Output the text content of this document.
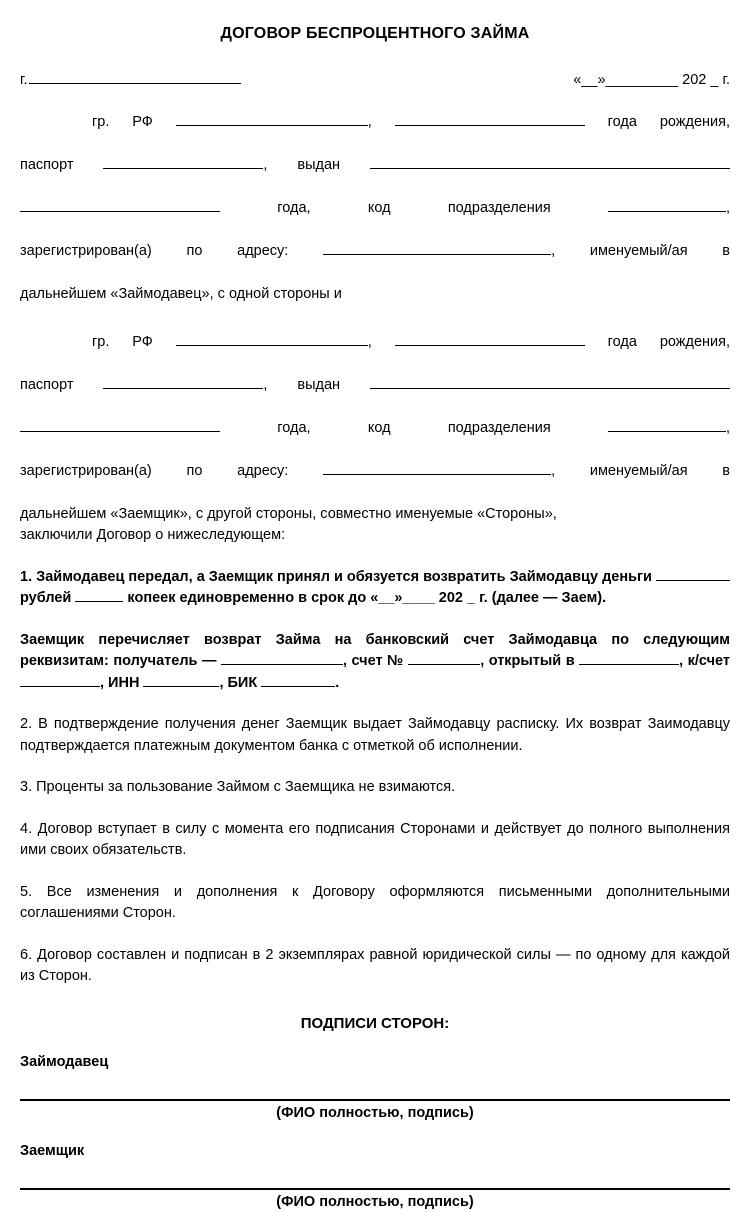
ДОГОВОР БЕСПРОЦЕНТНОГО ЗАЙМА
г.	«__»_________ 202 _ г.

гр. РФ	,	года рождения,

паспорт	, выдан

года,	код подразделения	,

зарегистрирован(а) по адресу:	, именуемый/ая в

дальнейшем «Займодавец», с одной стороны и

гр. РФ	,	года рождения,

паспорт	, выдан

года,	код подразделения	,

зарегистрирован(а) по адресу:	, именуемый/ая в

дальнейшем «Заемщик», с другой стороны, совместно именуемые «Стороны»,

заключили Договор о нижеследующем:

1. Займодавец передал, а Заемщик принял и обязуется возвратить Займодавцу деньги  рублей	копеек единовременно в срок до «__»____ 202 _ г. (далее — Заем).
Заемщик перечисляет возврат Займа на банковский счет Займодавца по следующим реквизитам: получатель —	, счет №	, открытый в	, к/счет , ИНН	, БИК	.
2. В подтверждение получения денег Заемщик выдает Займодавцу расписку. Их возврат Заимодавцу подтверждается платежным документом банка с отметкой об исполнении.
3. Проценты за пользование Займом с Заемщика не взимаются.
4. Договор вступает в силу с момента его подписания Сторонами и действует до полного выполнения ими своих обязательств.
5. Все изменения и дополнения к Договору оформляются письменными дополнительными соглашениями Сторон.
6. Договор составлен и подписан в 2 экземплярах равной юридической силы — по одному для каждой из Сторон.
ПОДПИСИ СТОРОН:
Займодавец
(ФИО полностью, подпись)
Заемщик
(ФИО полностью, подпись)
